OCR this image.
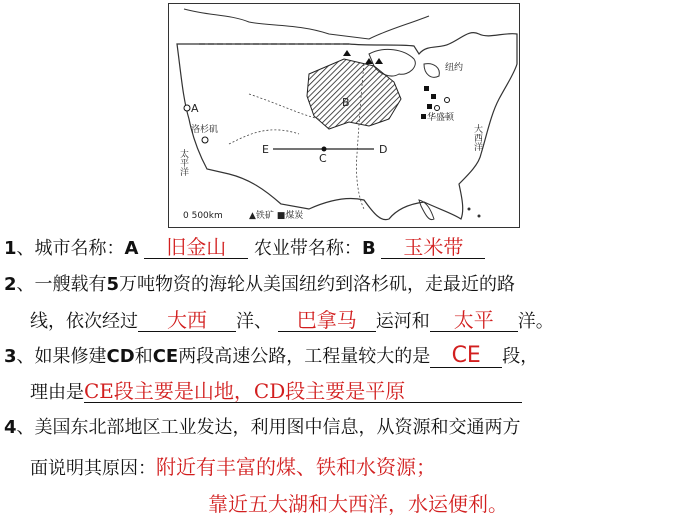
A	B
C
D
E
洛杉矶
纽约
华盛顿
太平洋
大西洋
0 500km	▲铁矿 ■煤炭
1、城市名称：A 旧金山 农业带名称：B 玉米带
2、一艘载有5万吨物资的海轮从美国纽约到洛杉矶，走最近的路
线，依次经过 大西 洋、 巴拿马 运河和 太平 洋。
3、如果修建CD和CE两段高速公路，工程量较大的是 CE 段，
理由是CE段主要是山地，CD段主要是平原
4、美国东北部地区工业发达，利用图中信息，从资源和交通两方
面说明其原因：附近有丰富的煤、铁和水资源；
靠近五大湖和大西洋，水运便利。
